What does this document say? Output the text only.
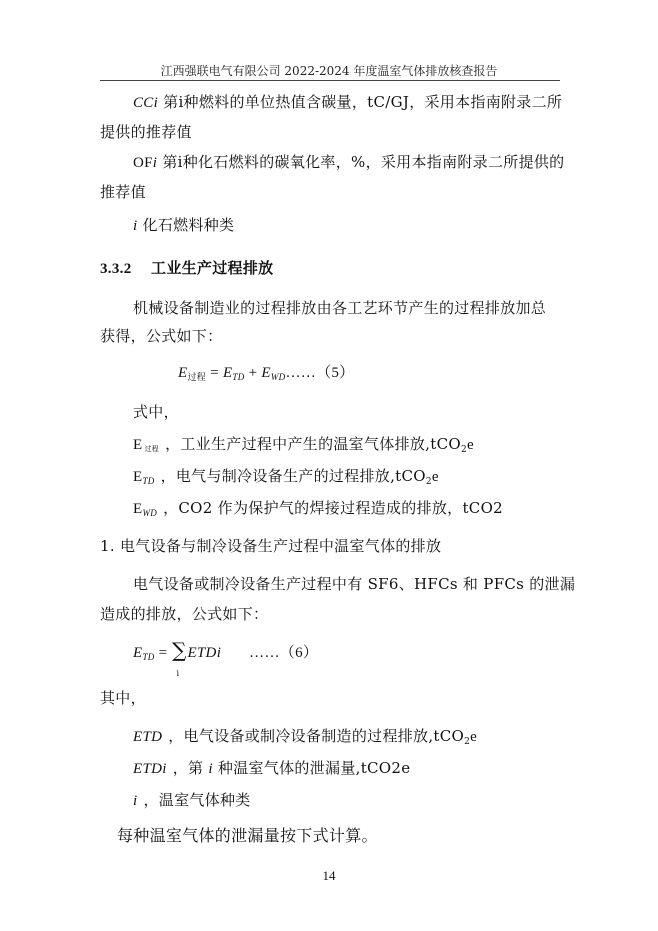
江西强联电气有限公司 2022-2024 年度温室气体排放核查报告
CCi 第i种燃料的单位热值含碳量，tC/GJ，采用本指南附录二所
提供的推荐值
OFi 第i种化石燃料的碳氧化率，%，采用本指南附录二所提供的
推荐值
i 化石燃料种类
3.3.2 工业生产过程排放
机械设备制造业的过程排放由各工艺环节产生的过程排放加总
获得，公式如下：
$E_{过程} = E_{TD}$ + $E_{WD}\dots\dots(5)$
式中，
E过程 ，工业生产过程中产生的温室气体排放,tCO$_2$e
$E_{TD}$ ，电气与制冷设备生产的过程排放,tCO$_2$e
$E_{WD}$ ，CO2 作为保护气的焊接过程造成的排放，tCO2
1. 电气设备与制冷设备生产过程中温室气体的排放
电气设备或制冷设备生产过程中有 SF6、HFCs 和 PFCs 的泄漏
造成的排放，公式如下：
$E_{TD}$ = ∑
i
ETDi ……（6）
其中，
ETD ，电气设备或制冷设备制造的过程排放,tCO$_2$e
ETDi ，第 i 种温室气体的泄漏量,tCO2e
i ，温室气体种类
每种温室气体的泄漏量按下式计算。
14
